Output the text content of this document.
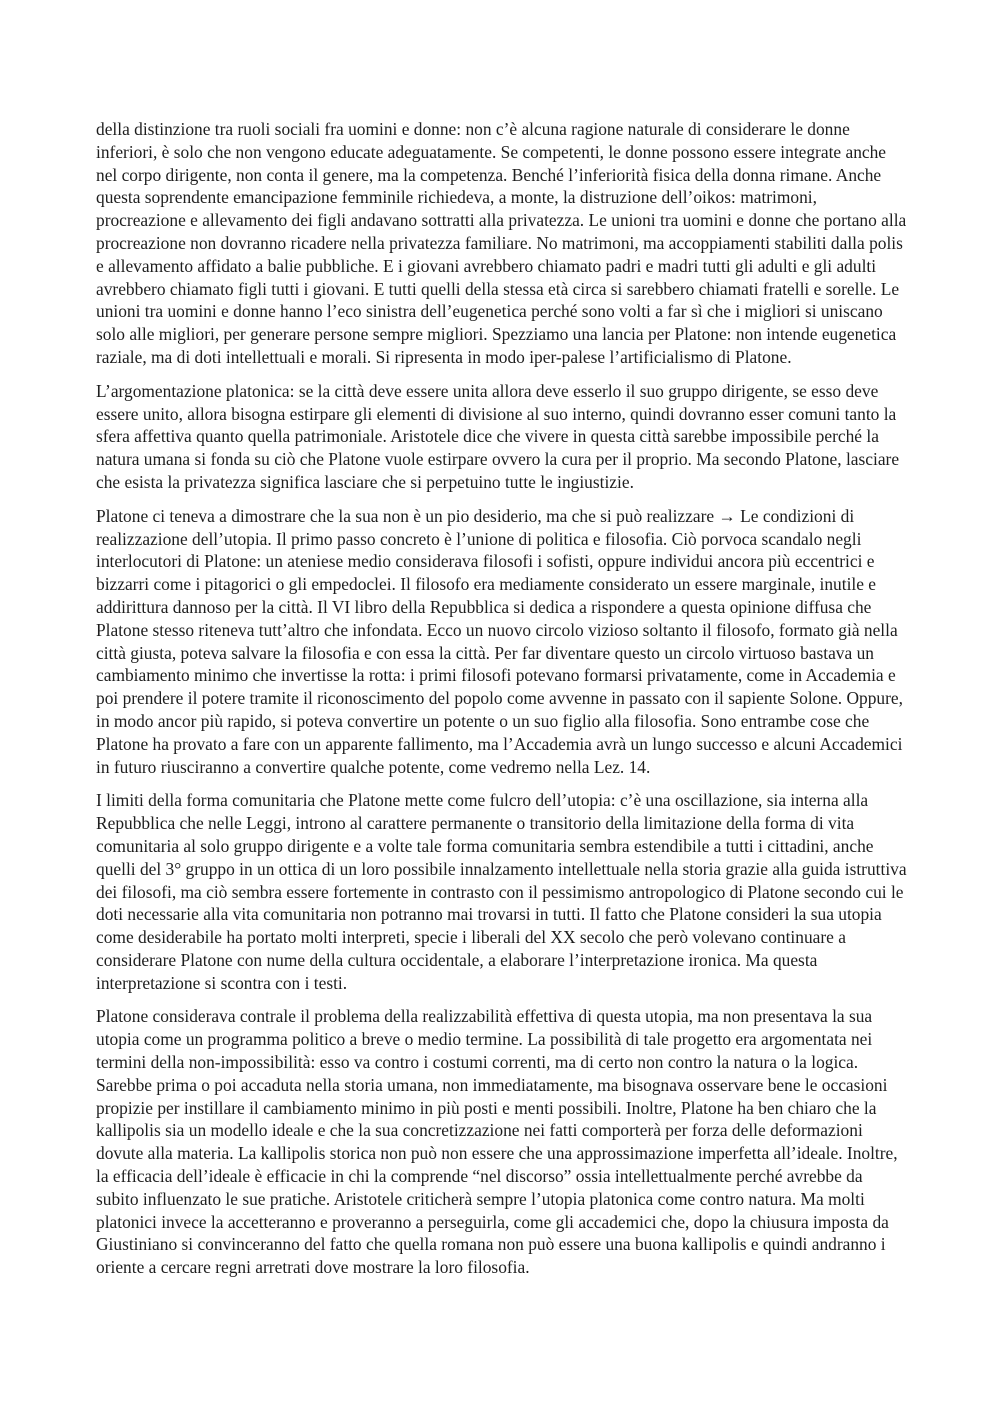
della distinzione tra ruoli sociali fra uomini e donne: non c’è alcuna ragione naturale di considerare le donne inferiori, è solo che non vengono educate adeguatamente. Se competenti, le donne possono essere integrate anche nel corpo dirigente, non conta il genere, ma la competenza. Benché l’inferiorità fisica della donna rimane. Anche questa soprendente emancipazione femminile richiedeva, a monte, la distruzione dell’oikos: matrimoni, procreazione e allevamento dei figli andavano sottratti alla privatezza. Le unioni tra uomini e donne che portano alla procreazione non dovranno ricadere nella privatezza familiare. No matrimoni, ma accoppiamenti stabiliti dalla polis e allevamento affidato a balie pubbliche. E i giovani avrebbero chiamato padri e madri tutti gli adulti e gli adulti avrebbero chiamato figli tutti i giovani. E tutti quelli della stessa età circa si sarebbero chiamati fratelli e sorelle. Le unioni tra uomini e donne hanno l’eco sinistra dell’eugenetica perché sono volti a far sì che i migliori si uniscano solo alle migliori, per generare persone sempre migliori. Spezziamo una lancia per Platone: non intende eugenetica raziale, ma di doti intellettuali e morali. Si ripresenta in modo iper-palese l’artificialismo di Platone.

L’argomentazione platonica: se la città deve essere unita allora deve esserlo il suo gruppo dirigente, se esso deve essere unito, allora bisogna estirpare gli elementi di divisione al suo interno, quindi dovranno esser comuni tanto la sfera affettiva quanto quella patrimoniale. Aristotele dice che vivere in questa città sarebbe impossibile perché la natura umana si fonda su ciò che Platone vuole estirpare ovvero la cura per il proprio. Ma secondo Platone, lasciare che esista la privatezza significa lasciare che si perpetuino tutte le ingiustizie.

Platone ci teneva a dimostrare che la sua non è un pio desiderio, ma che si può realizzare → Le condizioni di realizzazione dell’utopia. Il primo passo concreto è l’unione di politica e filosofia. Ciò porvoca scandalo negli interlocutori di Platone: un ateniese medio considerava filosofi i sofisti, oppure individui ancora più eccentrici e bizzarri come i pitagorici o gli empedoclei. Il filosofo era mediamente considerato un essere marginale, inutile e addirittura dannoso per la città. Il VI libro della Repubblica si dedica a rispondere a questa opinione diffusa che Platone stesso riteneva tutt’altro che infondata. Ecco un nuovo circolo vizioso soltanto il filosofo, formato già nella città giusta, poteva salvare la filosofia e con essa la città. Per far diventare questo un circolo virtuoso bastava un cambiamento minimo che invertisse la rotta: i primi filosofi potevano formarsi privatamente, come in Accademia e poi prendere il potere tramite il riconoscimento del popolo come avvenne in passato con il sapiente Solone. Oppure, in modo ancor più rapido, si poteva convertire un potente o un suo figlio alla filosofia. Sono entrambe cose che Platone ha provato a fare con un apparente fallimento, ma l’Accademia avrà un lungo successo e alcuni Accademici in futuro riusciranno a convertire qualche potente, come vedremo nella Lez. 14.

I limiti della forma comunitaria che Platone mette come fulcro dell’utopia: c’è una oscillazione, sia interna alla Repubblica che nelle Leggi, introno al carattere permanente o transitorio della limitazione della forma di vita comunitaria al solo gruppo dirigente e a volte tale forma comunitaria sembra estendibile a tutti i cittadini, anche quelli del 3° gruppo in un ottica di un loro possibile innalzamento intellettuale nella storia grazie alla guida istruttiva dei filosofi, ma ciò sembra essere fortemente in contrasto con il pessimismo antropologico di Platone secondo cui le doti necessarie alla vita comunitaria non potranno mai trovarsi in tutti. Il fatto che Platone consideri la sua utopia come desiderabile ha portato molti interpreti, specie i liberali del XX secolo che però volevano continuare a considerare Platone con nume della cultura occidentale, a elaborare l’interpretazione ironica. Ma questa interpretazione si scontra con i testi.

Platone considerava contrale il problema della realizzabilità effettiva di questa utopia, ma non presentava la sua utopia come un programma politico a breve o medio termine. La possibilità di tale progetto era argomentata nei termini della non-impossibilità: esso va contro i costumi correnti, ma di certo non contro la natura o la logica. Sarebbe prima o poi accaduta nella storia umana, non immediatamente, ma bisognava osservare bene le occasioni propizie per instillare il cambiamento minimo in più posti e menti possibili. Inoltre, Platone ha ben chiaro che la kallipolis sia un modello ideale e che la sua concretizzazione nei fatti comporterà per forza delle deformazioni dovute alla materia. La kallipolis storica non può non essere che una approssimazione imperfetta all’ideale. Inoltre, la efficacia dell’ideale è efficacie in chi la comprende “nel discorso” ossia intellettualmente perché avrebbe da subito influenzato le sue pratiche. Aristotele criticherà sempre l’utopia platonica come contro natura. Ma molti platonici invece la accetteranno e proveranno a perseguirla, come gli accademici che, dopo la chiusura imposta da Giustiniano si convinceranno del fatto che quella romana non può essere una buona kallipolis e quindi andranno i oriente a cercare regni arretrati dove mostrare la loro filosofia.
